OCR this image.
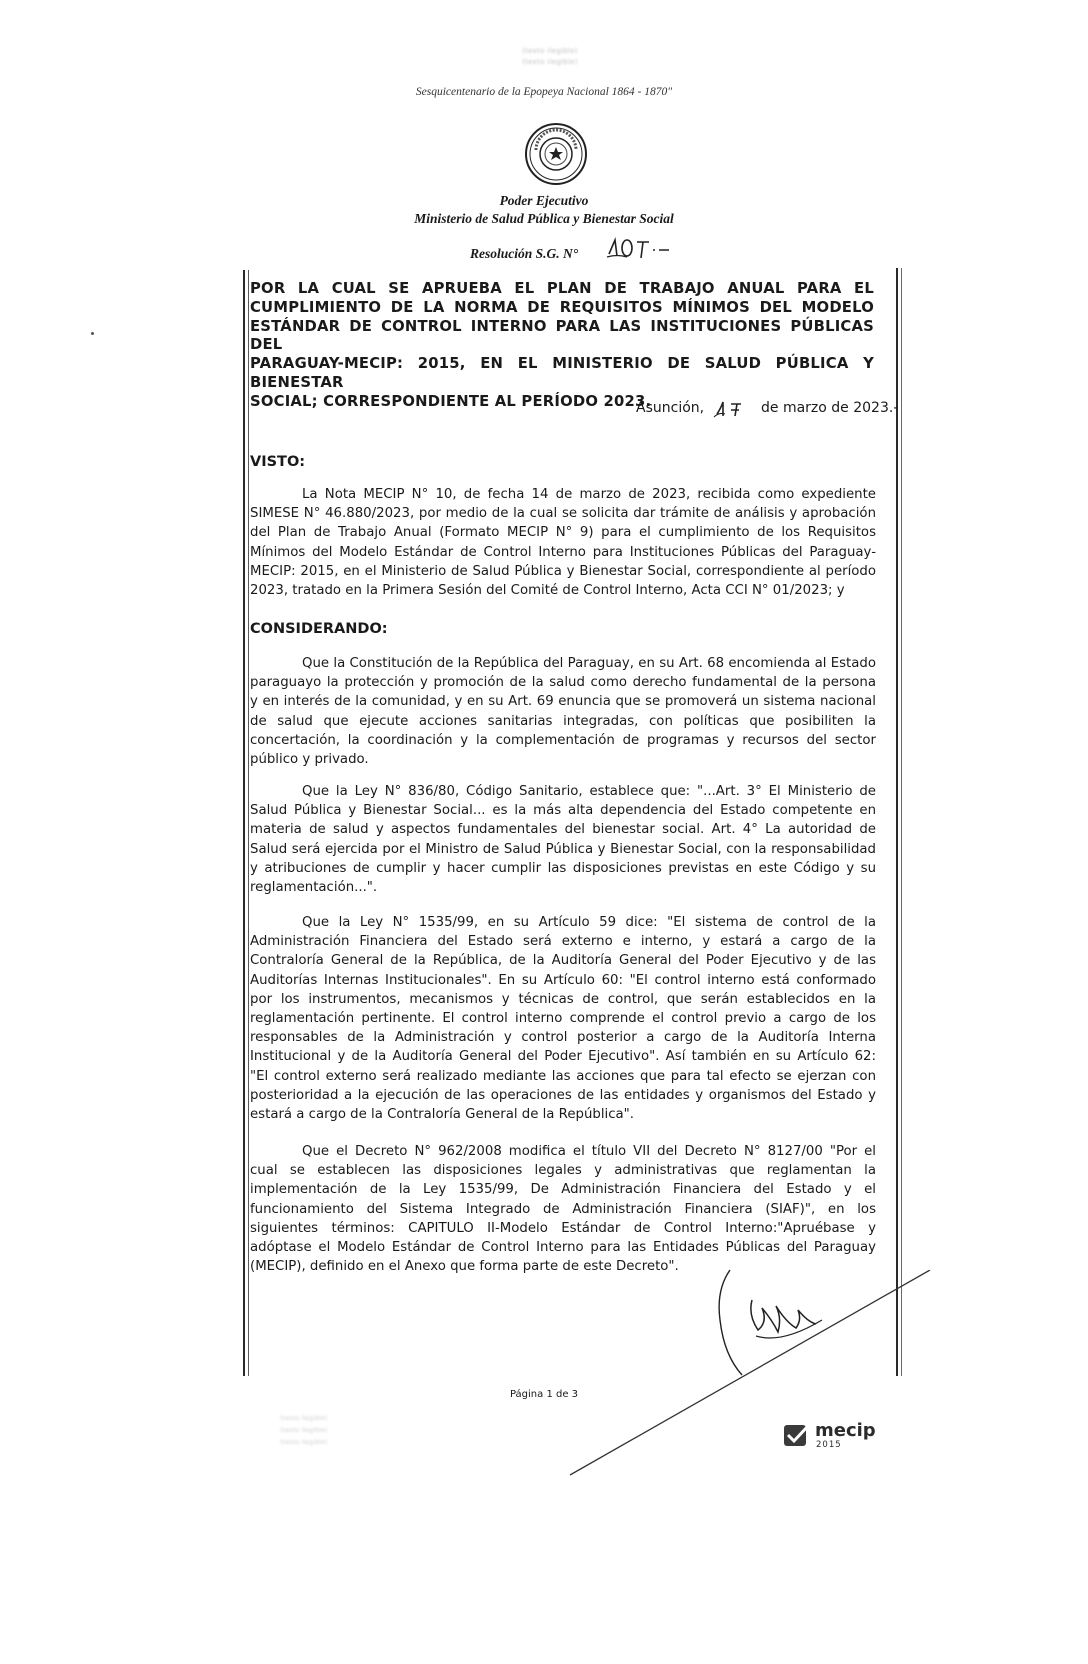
(texto ilegible)
(texto ilegible)
Sesquicentenario de la Epopeya Nacional 1864 - 1870"
Poder Ejecutivo
Ministerio de Salud Pública y Bienestar Social
Resolución S.G. N°
POR LA CUAL SE APRUEBA EL PLAN DE TRABAJO ANUAL PARA EL
CUMPLIMIENTO DE LA NORMA DE REQUISITOS MÍNIMOS DEL MODELO
ESTÁNDAR DE CONTROL INTERNO PARA LAS INSTITUCIONES PÚBLICAS DEL
PARAGUAY-MECIP: 2015, EN EL MINISTERIO DE SALUD PÚBLICA Y BIENESTAR
SOCIAL; CORRESPONDIENTE AL PERÍODO 2023.
Asunción,	de marzo de 2023.-
VISTO:
La Nota MECIP N° 10, de fecha 14 de marzo de 2023, recibida como expediente
SIMESE N° 46.880/2023, por medio de la cual se solicita dar trámite de análisis y aprobación
del Plan de Trabajo Anual (Formato MECIP N° 9) para el cumplimiento de los Requisitos
Mínimos del Modelo Estándar de Control Interno para Instituciones Públicas del Paraguay-
MECIP: 2015, en el Ministerio de Salud Pública y Bienestar Social, correspondiente al período
2023, tratado en la Primera Sesión del Comité de Control Interno, Acta CCI N° 01/2023; y
CONSIDERANDO:
Que la Constitución de la República del Paraguay, en su Art. 68 encomienda al Estado
paraguayo la protección y promoción de la salud como derecho fundamental de la persona
y en interés de la comunidad, y en su Art. 69 enuncia que se promoverá un sistema nacional
de salud que ejecute acciones sanitarias integradas, con políticas que posibiliten la
concertación, la coordinación y la complementación de programas y recursos del sector
público y privado.
Que la Ley N° 836/80, Código Sanitario, establece que: "...Art. 3° El Ministerio de
Salud Pública y Bienestar Social... es la más alta dependencia del Estado competente en
materia de salud y aspectos fundamentales del bienestar social. Art. 4° La autoridad de
Salud será ejercida por el Ministro de Salud Pública y Bienestar Social, con la responsabilidad
y atribuciones de cumplir y hacer cumplir las disposiciones previstas en este Código y su
reglamentación...".
Que la Ley N° 1535/99, en su Artículo 59 dice: "El sistema de control de la
Administración Financiera del Estado será externo e interno, y estará a cargo de la
Contraloría General de la República, de la Auditoría General del Poder Ejecutivo y de las
Auditorías Internas Institucionales". En su Artículo 60: "El control interno está conformado
por los instrumentos, mecanismos y técnicas de control, que serán establecidos en la
reglamentación pertinente. El control interno comprende el control previo a cargo de los
responsables de la Administración y control posterior a cargo de la Auditoría Interna
Institucional y de la Auditoría General del Poder Ejecutivo". Así también en su Artículo 62:
"El control externo será realizado mediante las acciones que para tal efecto se ejerzan con
posterioridad a la ejecución de las operaciones de las entidades y organismos del Estado y
estará a cargo de la Contraloría General de la República".
Que el Decreto N° 962/2008 modifica el título VII del Decreto N° 8127/00 "Por el
cual se establecen las disposiciones legales y administrativas que reglamentan la
implementación de la Ley 1535/99, De Administración Financiera del Estado y el
funcionamiento del Sistema Integrado de Administración Financiera (SIAF)", en los
siguientes términos: CAPITULO II-Modelo Estándar de Control Interno:"Apruébase y
adóptase el Modelo Estándar de Control Interno para las Entidades Públicas del Paraguay
(MECIP), definido en el Anexo que forma parte de este Decreto".
Página 1 de 3
(texto ilegible)
(texto ilegible)
(texto ilegible)
mecip
2015
